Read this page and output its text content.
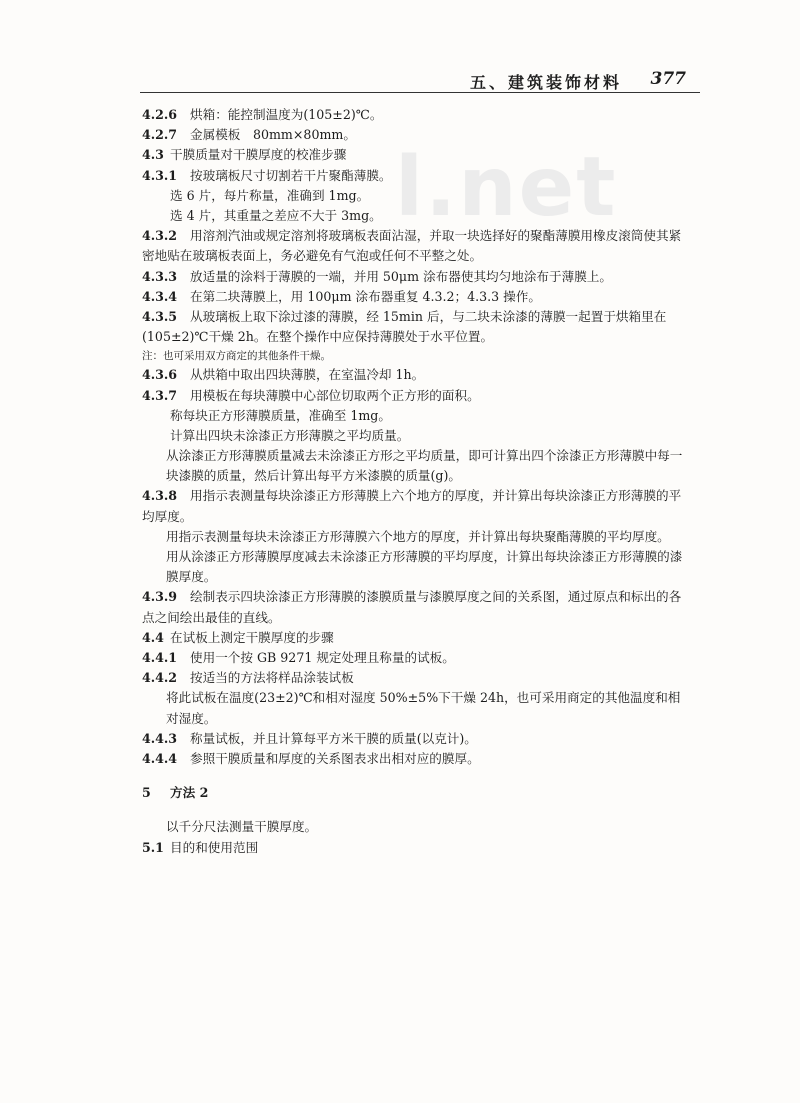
五、建筑装饰材料 377
l.net
4.2.6 烘箱：能控制温度为(105±2)℃。
4.2.7 金属模板　80mm×80mm。
4.3 干膜质量对干膜厚度的校准步骤
4.3.1 按玻璃板尺寸切割若干片聚酯薄膜。
选 6 片，每片称量，准确到 1mg。
选 4 片，其重量之差应不大于 3mg。
4.3.2 用溶剂汽油或规定溶剂将玻璃板表面沾湿，并取一块选择好的聚酯薄膜用橡皮滚筒使其紧密地贴在玻璃板表面上，务必避免有气泡或任何不平整之处。
4.3.3 放适量的涂料于薄膜的一端，并用 50μm 涂布器使其均匀地涂布于薄膜上。
4.3.4 在第二块薄膜上，用 100μm 涂布器重复 4.3.2；4.3.3 操作。
4.3.5 从玻璃板上取下涂过漆的薄膜，经 15min 后，与二块未涂漆的薄膜一起置于烘箱里在(105±2)℃干燥 2h。在整个操作中应保持薄膜处于水平位置。
注：也可采用双方商定的其他条件干燥。
4.3.6 从烘箱中取出四块薄膜，在室温冷却 1h。
4.3.7 用模板在每块薄膜中心部位切取两个正方形的面积。
称每块正方形薄膜质量，准确至 1mg。
计算出四块未涂漆正方形薄膜之平均质量。
从涂漆正方形薄膜质量减去未涂漆正方形之平均质量，即可计算出四个涂漆正方形薄膜中每一块漆膜的质量，然后计算出每平方米漆膜的质量(g)。
4.3.8 用指示表测量每块涂漆正方形薄膜上六个地方的厚度，并计算出每块涂漆正方形薄膜的平均厚度。
用指示表测量每块未涂漆正方形薄膜六个地方的厚度，并计算出每块聚酯薄膜的平均厚度。
用从涂漆正方形薄膜厚度减去未涂漆正方形薄膜的平均厚度，计算出每块涂漆正方形薄膜的漆膜厚度。
4.3.9 绘制表示四块涂漆正方形薄膜的漆膜质量与漆膜厚度之间的关系图，通过原点和标出的各点之间绘出最佳的直线。
4.4 在试板上测定干膜厚度的步骤
4.4.1 使用一个按 GB 9271 规定处理且称量的试板。
4.4.2 按适当的方法将样品涂装试板
将此试板在温度(23±2)℃和相对湿度 50%±5%下干燥 24h，也可采用商定的其他温度和相对湿度。
4.4.3 称量试板，并且计算每平方米干膜的质量(以克计)。
4.4.4 参照干膜质量和厚度的关系图表求出相对应的膜厚。
5 方法 2
以千分尺法测量干膜厚度。
5.1 目的和使用范围
